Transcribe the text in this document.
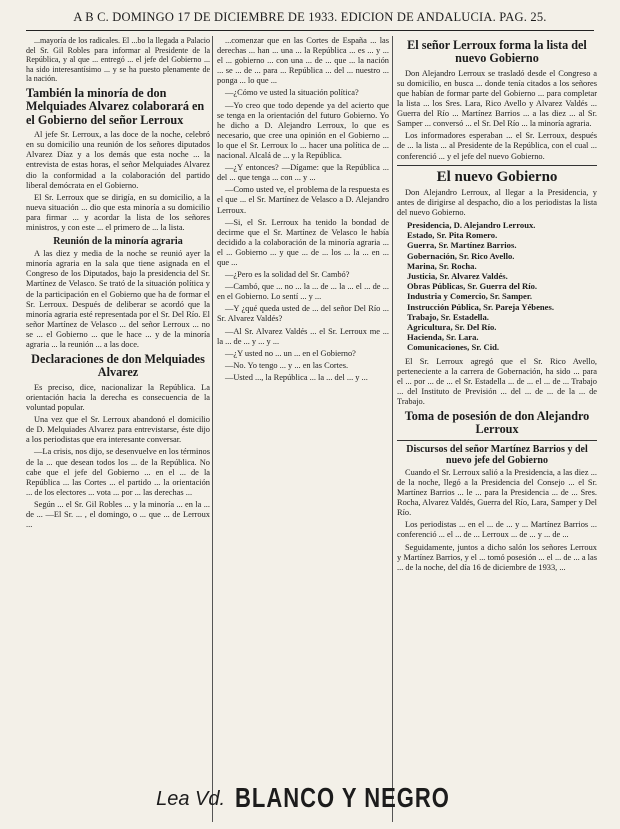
A B C. DOMINGO 17 DE DICIEMBRE DE 1933. EDICION DE ANDALUCIA. PAG. 25.

...mayoría de los radicales. El ...bo la llegada a Palacio del Sr. Gil Robles para informar al Presidente de la República, y al que ... entregó ... el jefe del Gobierno ... ha sido interesantísimo ... y se ha puesto plenamente de la nación.

También la minoría de don Melquiades Alvarez colaborará en el Gobierno del señor Lerroux

Al jefe Sr. Lerroux, a las doce de la noche, celebró en su domicilio una reunión de los señores diputados Alvarez Díaz y a los demás que esta noche ... la entrevista de estas horas, el señor Melquiades Alvarez dio la conformidad a la colaboración del partido liberal demócrata en el Gobierno.

El Sr. Lerroux que se dirigía, en su domicilio, a la nueva situación ... dio que esta minoría a su domicilio para firmar ... y acordar la lista de los señores ministros, y con este ... el primero de ... la lista.

Reunión de la minoría agraria

A las diez y media de la noche se reunió ayer la minoría agraria en la sala que tiene asignada en el Congreso de los Diputados, bajo la presidencia del Sr. Martínez de Velasco. Se trató de la situación política y de la participación en el Gobierno que ha de formar el Sr. Lerroux. Después de deliberar se acordó que la minoría agraria esté representada por el Sr. Del Río. El señor Martínez de Velasco ... del señor Lerroux ... no se ... el Gobierno ... que le hace ... y de la minoría agraria ... la reunión ... a las doce.

Declaraciones de don Melquiades Alvarez

Es preciso, dice, nacionalizar la República. La orientación hacia la derecha es consecuencia de la voluntad popular.

Una vez que el Sr. Lerroux abandonó el domicilio de D. Melquiades Alvarez para entrevistarse, éste dijo a los periodistas que era interesante conversar.

—La crisis, nos dijo, se desenvuelve en los términos de la ... que desean todos los ... de la República. No cabe que el jefe del Gobierno ... en el ... de la República ... las Cortes ... el partido ... la orientación ... de los electores ... vota ... por ... las derechas ...

Según ... el Sr. Gil Robles ... y la minoría ... en la ... de ... —El Sr. ... , el domingo, o ... que ... de Lerroux ...

...comenzar que en las Cortes de España ... las derechas ... han ... una ... la República ... es ... y ... el ... gobierno ... con una ... de ... que ... la nación ... se ... de ... para ... República ... del ... nuestro ... ponga ... lo que ...

—¿Cómo ve usted la situación política?

—Yo creo que todo depende ya del acierto que se tenga en la orientación del futuro Gobierno. Yo he dicho a D. Alejandro Lerroux, lo que es necesario, que cree una opinión en el Gobierno ... lo que el Sr. Lerroux lo ... hacer una política de ... nacional. Alcalá de ... y la República.

—¿Y entonces? —Dígame: que la República ... del ... que tenga ... con ... y ...

—Como usted ve, el problema de la respuesta es el que ... el Sr. Martínez de Velasco a D. Alejandro Lerroux.

—Si, el Sr. Lerroux ha tenido la bondad de decirme que el Sr. Martínez de Velasco le había decidido a la colaboración de la minoría agraria ... el ... Gobierno ... y que ... de ... los ... la ... en ... que ...

—¿Pero es la solidad del Sr. Cambó?

—Cambó, que ... no ... la ... de ... la ... el ... de ... en el Gobierno. Lo sentí ... y ...

—Y ¿qué queda usted de ... del señor Del Río ... Sr. Alvarez Valdés?

—Al Sr. Alvarez Valdés ... el Sr. Lerroux me ... la ... de ... y ... y ...

—¿Y usted no ... un ... en el Gobierno?

—No. Yo tengo ... y ... en las Cortes.

—Usted ..., la República ... la ... del ... y ...

Lea Vd. BLANCO Y NEGRO
El señor Lerroux forma la lista del nuevo Gobierno

Don Alejandro Lerroux se trasladó desde el Congreso a su domicilio, en busca ... donde tenía citados a los señores que habían de formar parte del Gobierno ... para completar la lista ... los Sres. Lara, Rico Avello y Alvarez Valdés ... Guerra del Río ... Martínez Barrios ... a las diez ... al Sr. Samper ... conversó ... el Sr. Del Río ... la minoría agraria.

Los informadores esperaban ... el Sr. Lerroux, después de ... la lista ... al Presidente de la República, con el cual ... conferenció ... y el jefe del nuevo Gobierno.

El nuevo Gobierno

Don Alejandro Lerroux, al llegar a la Presidencia, y antes de dirigirse al despacho, dio a los periodistas la lista del nuevo Gobierno.

Presidencia, D. Alejandro Lerroux.
Estado, Sr. Pita Romero.
Guerra, Sr. Martínez Barrios.
Gobernación, Sr. Rico Avello.
Marina, Sr. Rocha.
Justicia, Sr. Alvarez Valdés.
Obras Públicas, Sr. Guerra del Río.
Industria y Comercio, Sr. Samper.
Instrucción Pública, Sr. Pareja Yébenes.
Trabajo, Sr. Estadella.
Agricultura, Sr. Del Río.
Hacienda, Sr. Lara.
Comunicaciones, Sr. Cid.

El Sr. Lerroux agregó que el Sr. Rico Avello, perteneciente a la carrera de Gobernación, ha sido ... para el ... por ... de ... el Sr. Estadella ... de ... el ... de ... Trabajo ... del Instituto de Previsión ... del ... de ... de la ... de Trabajo.

Toma de posesión de don Alejandro Lerroux
Discursos del señor Martínez Barrios y del nuevo jefe del Gobierno

Cuando el Sr. Lerroux salió a la Presidencia, a las diez ... de la noche, llegó a la Presidencia del Consejo ... el Sr. Martínez Barrios ... le ... para la Presidencia ... de ... Sres. Rocha, Alvarez Valdés, Guerra del Río, Lara, Samper y Del Río.

Los periodistas ... en el ... de ... y ... Martínez Barrios ... conferenció ... el ... de ... Lerroux ... de ... y ... de ...

Seguidamente, juntos a dicho salón los señores Lerroux y Martínez Barrios, y el ... tomó posesión ... el ... de ... a las ... de la noche, del día 16 de diciembre de 1933, ...
